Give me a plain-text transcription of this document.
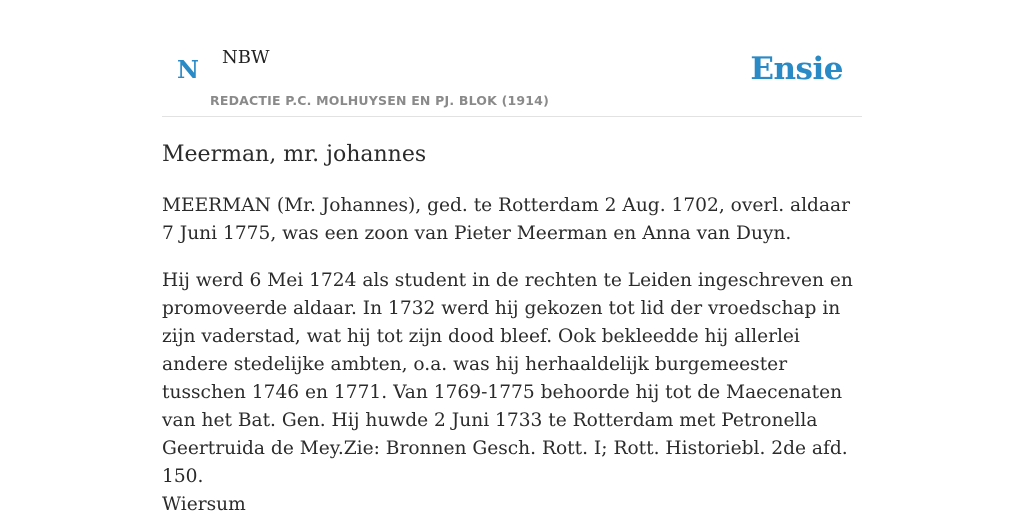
N NBW
REDACTIE P.C. MOLHUYSEN EN PJ. BLOK (1914)
Ensie
Meerman, mr. johannes

MEERMAN (Mr. Johannes), ged. te Rotterdam 2 Aug. 1702, overl. aldaar 7 Juni 1775, was een zoon van Pieter Meerman en Anna van Duyn.

Hij werd 6 Mei 1724 als student in de rechten te Leiden ingeschreven en promoveerde aldaar. In 1732 werd hij gekozen tot lid der vroedschap in zijn vaderstad, wat hij tot zijn dood bleef. Ook bekleedde hij allerlei andere stedelijke ambten, o.a. was hij herhaaldelijk burgemeester tusschen 1746 en 1771. Van 1769-1775 behoorde hij tot de Maecenaten van het Bat. Gen. Hij huwde 2 Juni 1733 te Rotterdam met Petronella Geertruida de Mey.Zie: Bronnen Gesch. Rott. I; Rott. Historiebl. 2de afd. 150.

Wiersum
